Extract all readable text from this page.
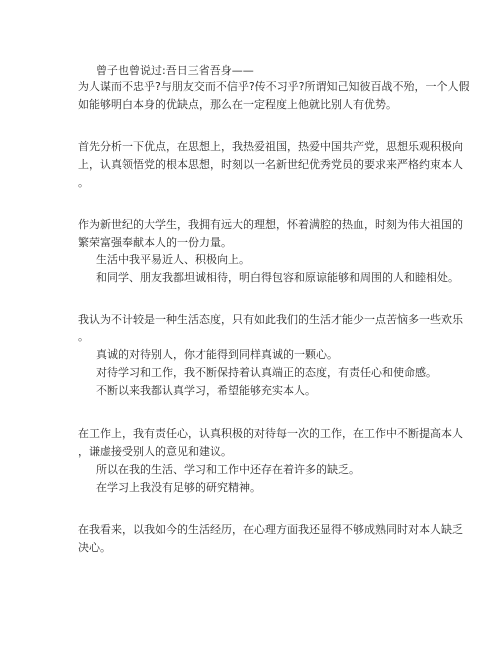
曾子也曾说过:吾日三省吾身——
为人谋而不忠乎?与朋友交而不信乎?传不习乎?所谓知己知彼百战不殆，一个人假
如能够明白本身的优缺点，那么在一定程度上他就比别人有优势。
首先分析一下优点，在思想上，我热爱祖国，热爱中国共产党，思想乐观积极向
上，认真领悟党的根本思想，时刻以一名新世纪优秀党员的要求来严格约束本人
。
作为新世纪的大学生，我拥有远大的理想，怀着满腔的热血，时刻为伟大祖国的
繁荣富强奉献本人的一份力量。
生活中我平易近人、积极向上。
和同学、朋友我都坦诚相待，明白得包容和原谅能够和周围的人和睦相处。
我认为不计较是一种生活态度，只有如此我们的生活才能少一点苦恼多一些欢乐
。
真诚的对待别人，你才能得到同样真诚的一颗心。
对待学习和工作，我不断保持着认真端正的态度，有责任心和使命感。
不断以来我都认真学习，希望能够充实本人。
在工作上，我有责任心，认真积极的对待每一次的工作，在工作中不断提高本人
，谦虚接受别人的意见和建议。
所以在我的生活、学习和工作中还存在着许多的缺乏。
在学习上我没有足够的研究精神。
在我看来，以我如今的生活经历，在心理方面我还显得不够成熟同时对本人缺乏
决心。
